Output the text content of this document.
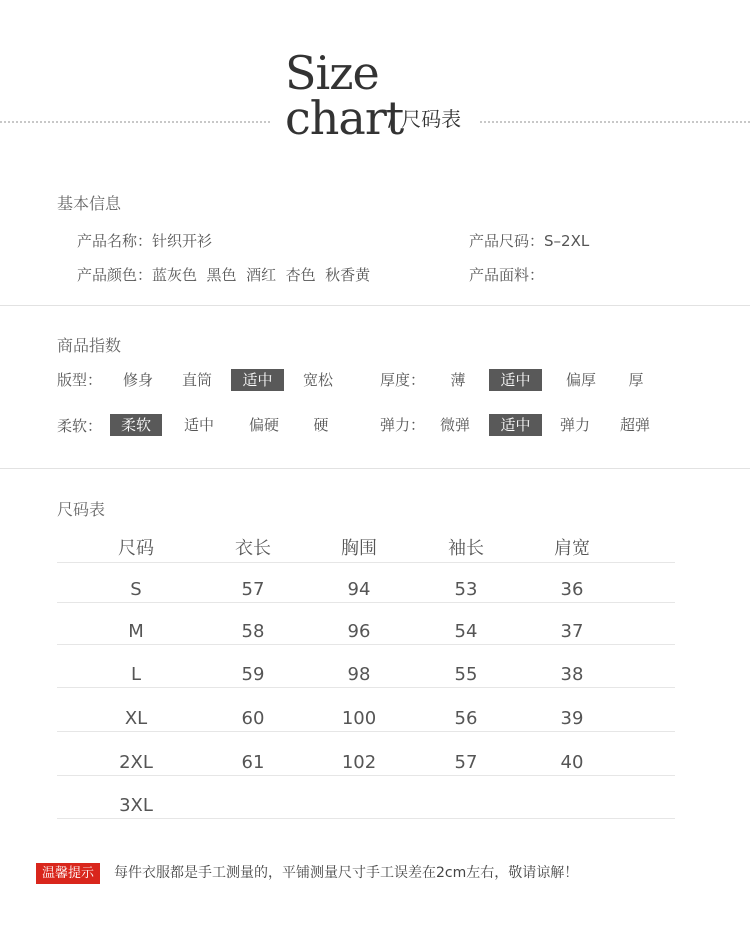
Size
chart
/ 尺码表
基本信息
产品名称：针织开衫	产品尺码：S–2XL
产品颜色：蓝灰色  黑色  酒红  杏色  秋香黄	产品面料：
商品指数
版型：	修身	直筒	适中	宽松	厚度：	薄	适中	偏厚	厚
柔软：	柔软	适中	偏硬	硬	弹力： 微弹	适中	弹力	超弹
尺码表
尺码	衣长	胸围	袖长	肩宽
S	57	94	53	36
M	58	96	54	37
L	59	98	55	38
XL	60	100	56	39
2XL	61	102	57	40
3XL
温馨提示	每件衣服都是手工测量的，平铺测量尺寸手工误差在2cm左右，敬请谅解！
